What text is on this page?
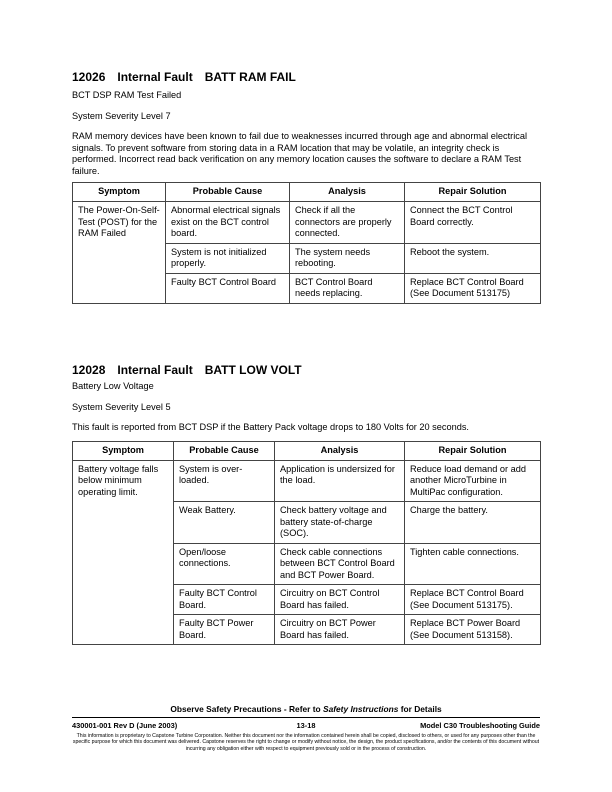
12026 Internal Fault BATT RAM FAIL

BCT DSP RAM Test Failed

System Severity Level 7

RAM memory devices have been known to fail due to weaknesses incurred through age and abnormal electrical signals. To prevent software from storing data in a RAM location that may be volatile, an integrity check is performed. Incorrect read back verification on any memory location causes the software to declare a RAM Test failure.

Symptom	Probable Cause	Analysis	Repair Solution
The Power-On-Self-Test (POST) for the RAM Failed	Abnormal electrical signals exist on the BCT control board.	Check if all the connectors are properly connected.	Connect the BCT Control Board correctly.
	System is not initialized properly.	The system needs rebooting.	Reboot the system.
	Faulty BCT Control Board	BCT Control Board needs replacing.	Replace BCT Control Board (See Document 513175)

12028 Internal Fault BATT LOW VOLT

Battery Low Voltage

System Severity Level 5

This fault is reported from BCT DSP if the Battery Pack voltage drops to 180 Volts for 20 seconds.

Symptom	Probable Cause	Analysis	Repair Solution
Battery voltage falls below minimum operating limit.	System is over-loaded.	Application is undersized for the load.	Reduce load demand or add another MicroTurbine in MultiPac configuration.
	Weak Battery.	Check battery voltage and battery state-of-charge (SOC).	Charge the battery.
	Open/loose connections.	Check cable connections between BCT Control Board and BCT Power Board.	Tighten cable connections.
	Faulty BCT Control Board.	Circuitry on BCT Control Board has failed.	Replace BCT Control Board (See Document 513175).
	Faulty BCT Power Board.	Circuitry on BCT Power Board has failed.	Replace BCT Power Board (See Document 513158).
Observe Safety Precautions - Refer to Safety Instructions for Details
13-18
430001-001 Rev D (June 2003)	Model C30 Troubleshooting Guide
This information is proprietary to Capstone Turbine Corporation. Neither this document nor the information contained herein shall be copied, disclosed to others, or used for any purposes other than the specific purpose for which this document was delivered. Capstone reserves the right to change or modify without notice, the design, the product specifications, and/or the contents of this document without incurring any obligation either with respect to equipment previously sold or in the process of construction.
